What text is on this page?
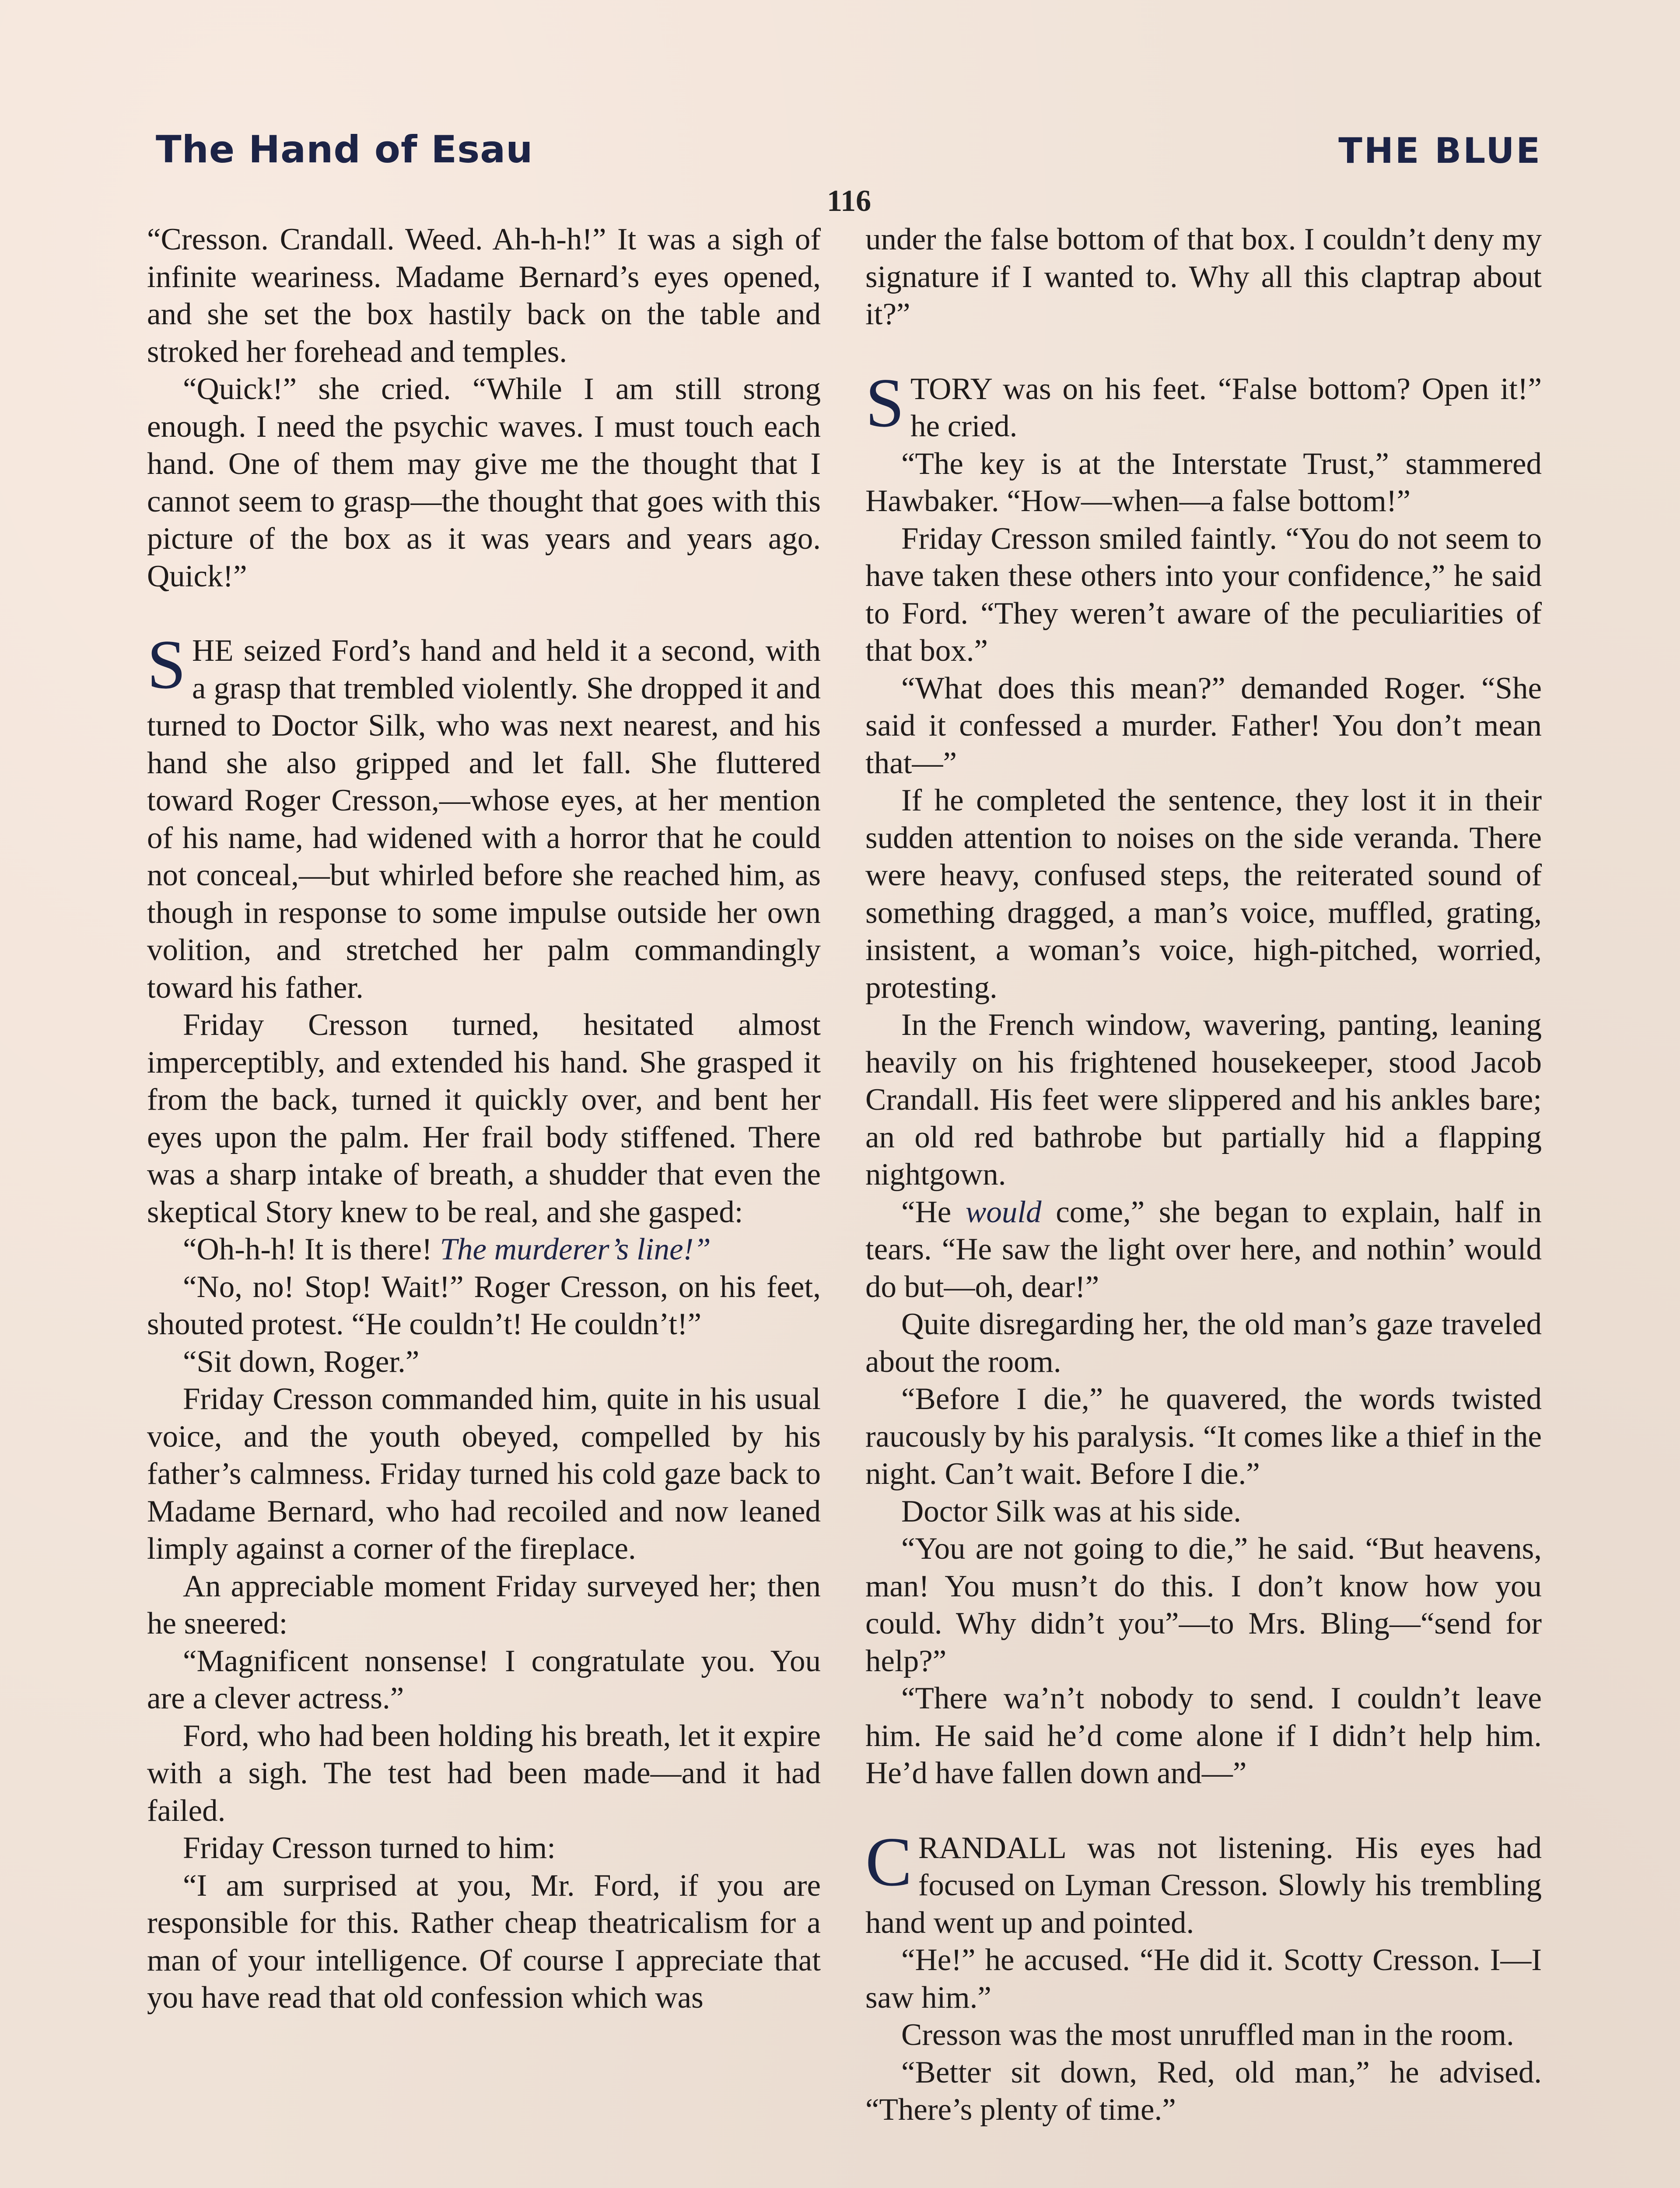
The Hand of Esau	THE BLUE
116

“Cresson. Crandall. Weed. Ah-h-h!” It was a sigh of infinite weariness. Madame Bernard’s eyes opened, and she set the box hastily back on the table and stroked her forehead and temples.

“Quick!” she cried. “While I am still strong enough. I need the psychic waves. I must touch each hand. One of them may give me the thought that I cannot seem to grasp—the thought that goes with this picture of the box as it was years and years ago. Quick!”

SHE seized Ford’s hand and held it a second, with a grasp that trembled violently. She dropped it and turned to Doctor Silk, who was next nearest, and his hand she also gripped and let fall. She fluttered toward Roger Cresson,—whose eyes, at her mention of his name, had widened with a horror that he could not conceal,—but whirled before she reached him, as though in response to some impulse outside her own volition, and stretched her palm commandingly toward his father.

Friday Cresson turned, hesitated almost imperceptibly, and extended his hand. She grasped it from the back, turned it quickly over, and bent her eyes upon the palm. Her frail body stiffened. There was a sharp intake of breath, a shudder that even the skeptical Story knew to be real, and she gasped:

“Oh-h-h! It is there! The murderer’s line!”

“No, no! Stop! Wait!” Roger Cresson, on his feet, shouted protest. “He couldn’t! He couldn’t!”

“Sit down, Roger.”

Friday Cresson commanded him, quite in his usual voice, and the youth obeyed, compelled by his father’s calmness. Friday turned his cold gaze back to Madame Bernard, who had recoiled and now leaned limply against a corner of the fireplace.

An appreciable moment Friday surveyed her; then he sneered:

“Magnificent nonsense! I congratulate you. You are a clever actress.”

Ford, who had been holding his breath, let it expire with a sigh. The test had been made—and it had failed.

Friday Cresson turned to him:

“I am surprised at you, Mr. Ford, if you are responsible for this. Rather cheap theatricalism for a man of your intelligence. Of course I appreciate that you have read that old confession which was

under the false bottom of that box. I couldn’t deny my signature if I wanted to. Why all this claptrap about it?”

STORY was on his feet. “False bottom? Open it!” he cried.

“The key is at the Interstate Trust,” stammered Hawbaker. “How—when—a false bottom!”

Friday Cresson smiled faintly. “You do not seem to have taken these others into your confidence,” he said to Ford. “They weren’t aware of the peculiarities of that box.”

“What does this mean?” demanded Roger. “She said it confessed a murder. Father! You don’t mean that—”

If he completed the sentence, they lost it in their sudden attention to noises on the side veranda. There were heavy, confused steps, the reiterated sound of something dragged, a man’s voice, muffled, grating, insistent, a woman’s voice, high-pitched, worried, protesting.

In the French window, wavering, panting, leaning heavily on his frightened housekeeper, stood Jacob Crandall. His feet were slippered and his ankles bare; an old red bathrobe but partially hid a flapping nightgown.

“He would come,” she began to explain, half in tears. “He saw the light over here, and nothin’ would do but—oh, dear!”

Quite disregarding her, the old man’s gaze traveled about the room.

“Before I die,” he quavered, the words twisted raucously by his paralysis. “It comes like a thief in the night. Can’t wait. Before I die.”

Doctor Silk was at his side.

“You are not going to die,” he said. “But heavens, man! You musn’t do this. I don’t know how you could. Why didn’t you”—to Mrs. Bling—“send for help?”

“There wa’n’t nobody to send. I couldn’t leave him. He said he’d come alone if I didn’t help him. He’d have fallen down and—”

CRANDALL was not listening. His eyes had focused on Lyman Cresson. Slowly his trembling hand went up and pointed.

“He!” he accused. “He did it. Scotty Cresson. I—I saw him.”

Cresson was the most unruffled man in the room.

“Better sit down, Red, old man,” he advised. “There’s plenty of time.”
